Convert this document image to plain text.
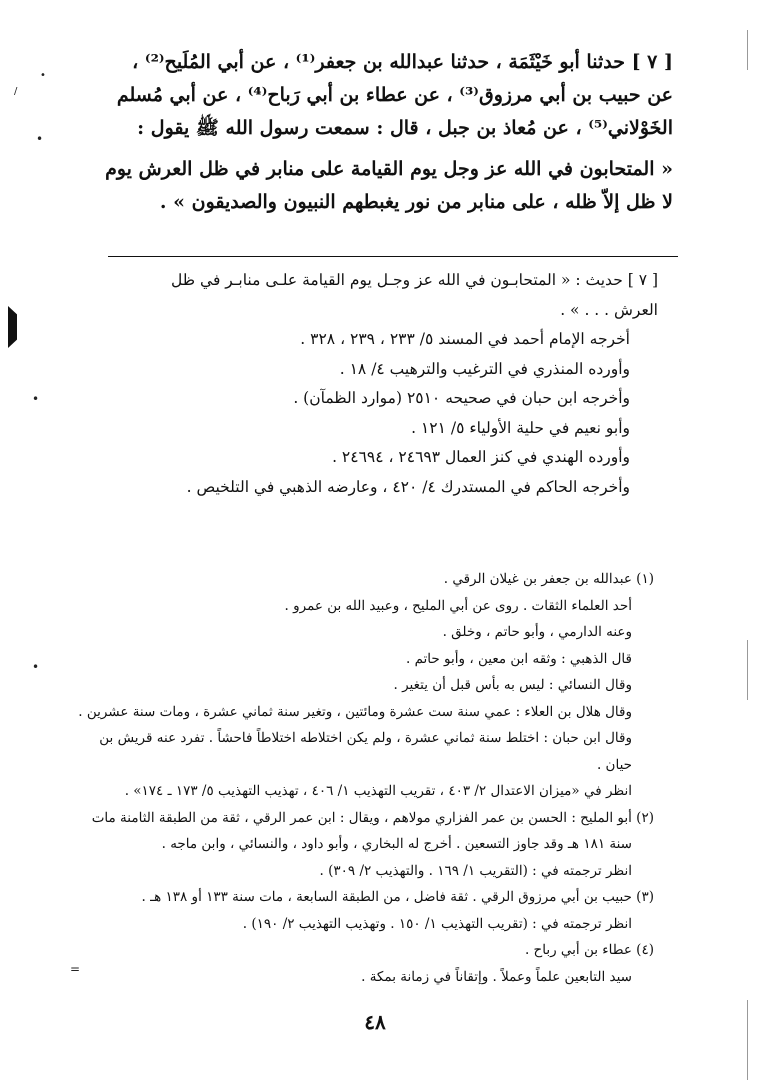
[ ٧ ] حدثنا أبو خَيْثَمَة ، حدثنا عبدالله بن جعفر⁽¹⁾ ، عن أبي المُلَيح⁽²⁾ ،
عن حبيب بن أبي مرزوق⁽³⁾ ، عن عطاء بن أبي رَباح⁽⁴⁾ ، عن أبي مُسلم
الخَوْلاني⁽⁵⁾ ، عن مُعاذ بن جبل ، قال : سمعت رسول الله ﷺ يقول :
« المتحابون في الله عز وجل يوم القيامة على منابر في ظل العرش يوم
لا ظل إلاّ ظله ، على منابر من نور يغبطهم النبيون والصديقون » .
[ ٧ ] حديث : « المتحابـون في الله عز وجـل يوم القيامة علـى منابـر في ظل
العرش . . . » .
أخرجه الإمام أحمد في المسند ٥/ ٢٣٣ ، ٢٣٩ ، ٣٢٨ .
وأورده المنذري في الترغيب والترهيب ٤/ ١٨ .
وأخرجه ابن حبان في صحيحه ٢٥١٠ (موارد الظمآن) .
وأبو نعيم في حلية الأولياء ٥/ ١٢١ .
وأورده الهندي في كنز العمال ٢٤٦٩٣ ، ٢٤٦٩٤ .
وأخرجه الحاكم في المستدرك ٤/ ٤٢٠ ، وعارضه الذهبي في التلخيص .
(١) عبدالله بن جعفر بن غيلان الرقي .
أحد العلماء الثقات . روى عن أبي المليح ، وعبيد الله بن عمرو .
وعنه الدارمي ، وأبو حاتم ، وخلق .
قال الذهبي : وثقه ابن معين ، وأبو حاتم .
وقال النسائي : ليس به بأس قبل أن يتغير .
وقال هلال بن العلاء : عمي سنة ست عشرة ومائتين ، وتغير سنة ثماني عشرة ، ومات سنة عشرين .
وقال ابن حبان : اختلط سنة ثماني عشرة ، ولم يكن اختلاطه اختلاطاً فاحشاً . تفرد عنه قريش بن
حيان .
انظر في «ميزان الاعتدال ٢/ ٤٠٣ ، تقريب التهذيب ١/ ٤٠٦ ، تهذيب التهذيب ٥/ ١٧٣ ـ ١٧٤» .
(٢) أبو المليح : الحسن بن عمر الفزاري مولاهم ، ويقال : ابن عمر الرقي ، ثقة من الطبقة الثامنة مات
سنة ١٨١ هـ وقد جاوز التسعين . أخرج له البخاري ، وأبو داود ، والنسائي ، وابن ماجه .
انظر ترجمته في : (التقريب ١/ ١٦٩ . والتهذيب ٢/ ٣٠٩) .
(٣) حبيب بن أبي مرزوق الرقي . ثقة فاضل ، من الطبقة السابعة ، مات سنة ١٣٣ أو ١٣٨ هـ .
انظر ترجمته في : (تقريب التهذيب ١/ ١٥٠ . وتهذيب التهذيب ٢/ ١٩٠) .
(٤) عطاء بن أبي رباح .
سيد التابعين علماً وعملاً . وإتقاناً في زمانة بمكة .
٤٨
•
•
•
•
=
/
